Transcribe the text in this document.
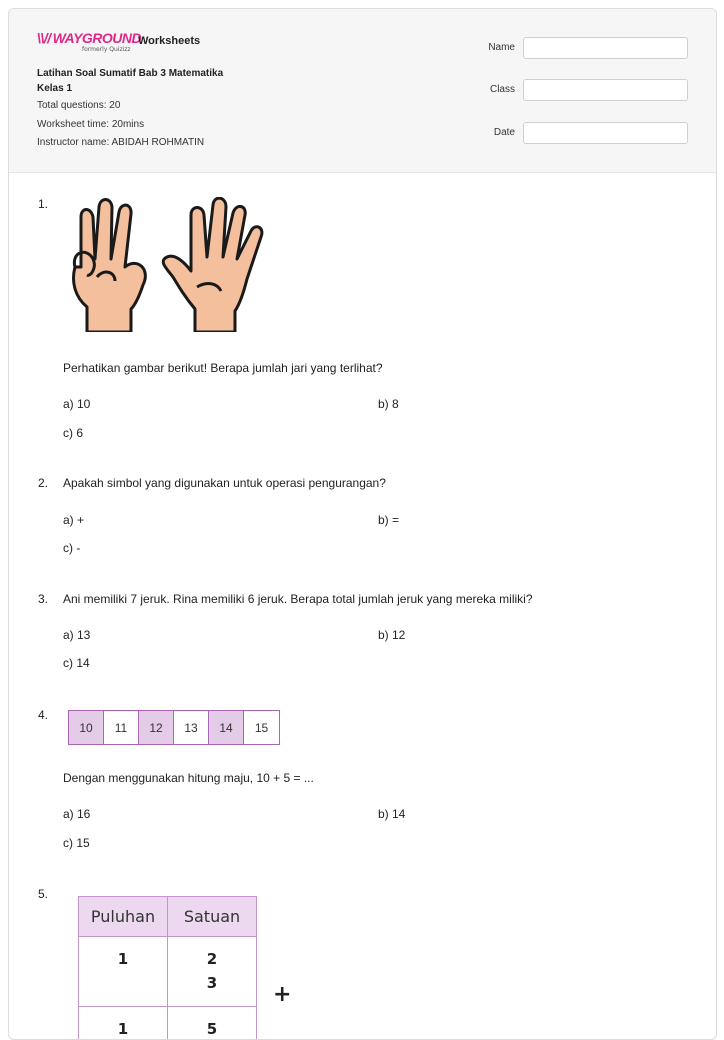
\\// WAYGROUND
formerly Quizizz
Worksheets
Latihan Soal Sumatif Bab 3 Matematika
Kelas 1
Total questions: 20
Worksheet time: 20mins
Instructor name: ABIDAH ROHMATIN
Name
Class
Date
1.
Perhatikan gambar berikut! Berapa jumlah jari yang terlihat?
a) 10	b) 8
c) 6
2. Apakah simbol yang digunakan untuk operasi pengurangan?
a) +	b) =
c) -
3. Ani memiliki 7 jeruk. Rina memiliki 6 jeruk. Berapa total jumlah jeruk yang mereka miliki?
a) 13	b) 12
c) 14
4.
10	11	12	13	14	15
Dengan menggunakan hitung maju, 10 + 5 = ...
a) 16	b) 14
c) 15
5.
Puluhan	Satuan
1	2
3
1	5
+
